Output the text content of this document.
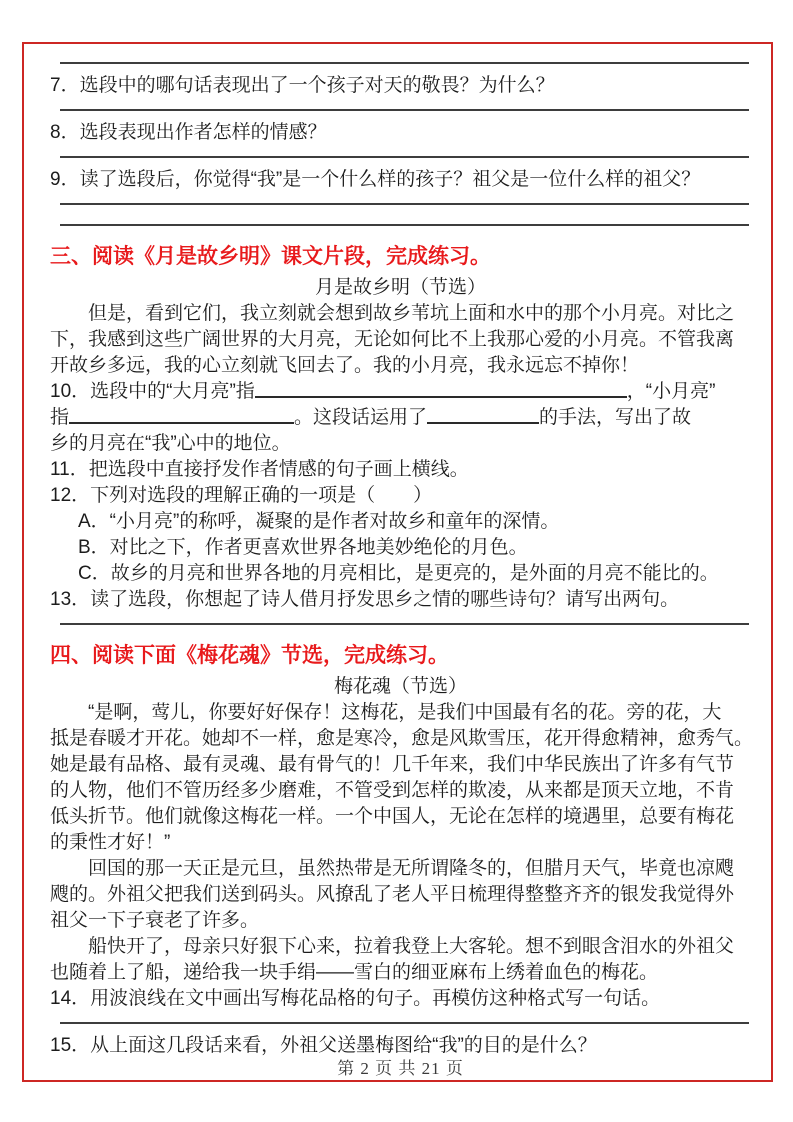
7．选段中的哪句话表现出了一个孩子对天的敬畏？为什么？
8．选段表现出作者怎样的情感？
9．读了选段后，你觉得“我”是一个什么样的孩子？祖父是一位什么样的祖父？
三、阅读《月是故乡明》课文片段，完成练习。
月是故乡明（节选）
　　但是，看到它们，我立刻就会想到故乡苇坑上面和水中的那个小月亮。对比之
下，我感到这些广阔世界的大月亮，无论如何比不上我那心爱的小月亮。不管我离
开故乡多远，我的心立刻就飞回去了。我的小月亮，我永远忘不掉你！
10．选段中的“大月亮”指	，“小月亮”
指	。这段话运用了	的手法，写出了故
乡的月亮在“我”心中的地位。
11．把选段中直接抒发作者情感的句子画上横线。
12．下列对选段的理解正确的一项是（　　）
A．“小月亮”的称呼，凝聚的是作者对故乡和童年的深情。
B．对比之下，作者更喜欢世界各地美妙绝伦的月色。
C．故乡的月亮和世界各地的月亮相比，是更亮的，是外面的月亮不能比的。
13．读了选段，你想起了诗人借月抒发思乡之情的哪些诗句？请写出两句。
四、阅读下面《梅花魂》节选，完成练习。
梅花魂（节选）
　　“是啊，莺儿，你要好好保存！这梅花，是我们中国最有名的花。旁的花，大
抵是春暖才开花。她却不一样，愈是寒冷，愈是风欺雪压，花开得愈精神，愈秀气。
她是最有品格、最有灵魂、最有骨气的！几千年来，我们中华民族出了许多有气节
的人物，他们不管历经多少磨难，不管受到怎样的欺凌，从来都是顶天立地，不肯
低头折节。他们就像这梅花一样。一个中国人，无论在怎样的境遇里，总要有梅花
的秉性才好！”
　　回国的那一天正是元旦，虽然热带是无所谓隆冬的，但腊月天气，毕竟也凉飕
飕的。外祖父把我们送到码头。风撩乱了老人平日梳理得整整齐齐的银发我觉得外
祖父一下子衰老了许多。
　　船快开了，母亲只好狠下心来，拉着我登上大客轮。想不到眼含泪水的外祖父
也随着上了船，递给我一块手绢——雪白的细亚麻布上绣着血色的梅花。
14．用波浪线在文中画出写梅花品格的句子。再模仿这种格式写一句话。
15．从上面这几段话来看，外祖父送墨梅图给“我”的目的是什么？
第 2 页 共 21 页
